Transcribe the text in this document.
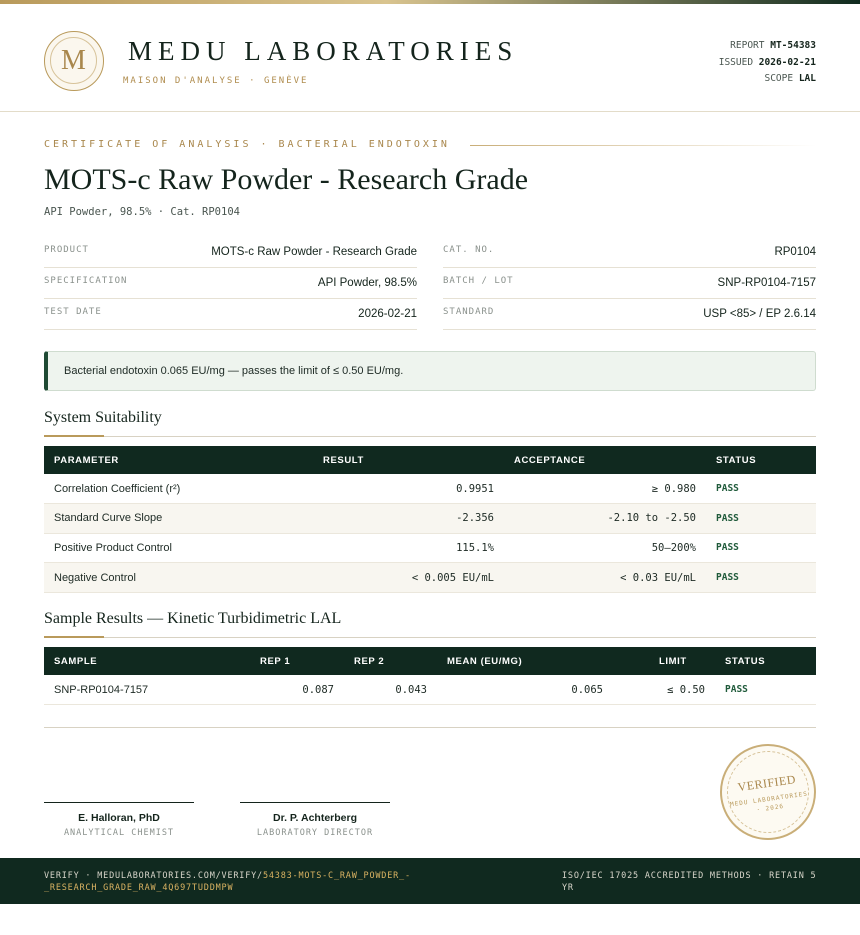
M	MEDU LABORATORIES
MAISON D'ANALYSE · GENÈVE
REPORT MT-54383
ISSUED 2026-02-21
SCOPE LAL
CERTIFICATE OF ANALYSIS · BACTERIAL ENDOTOXIN
MOTS-c Raw Powder - Research Grade
API Powder, 98.5% · Cat. RP0104
PRODUCT	MOTS-c Raw Powder - Research Grade
SPECIFICATION	API Powder, 98.5%
TEST DATE	2026-02-21
CAT. NO.	RP0104
BATCH / LOT	SNP-RP0104-7157
STANDARD	USP <85> / EP 2.6.14
Bacterial endotoxin 0.065 EU/mg — passes the limit of ≤ 0.50 EU/mg.
System Suitability
PARAMETER	RESULT	ACCEPTANCE	STATUS
Correlation Coefficient (r²)	0.9951	≥ 0.980	PASS
Standard Curve Slope	-2.356	-2.10 to -2.50	PASS
Positive Product Control	115.1%	50–200%	PASS
Negative Control	< 0.005 EU/mL	< 0.03 EU/mL	PASS
Sample Results — Kinetic Turbidimetric LAL
SAMPLE	REP 1	REP 2	MEAN (EU/MG)	LIMIT	STATUS
SNP-RP0104-7157	0.087	0.043	0.065	≤ 0.50	PASS
E. Halloran, PhD
ANALYTICAL CHEMIST
Dr. P. Achterberg
LABORATORY DIRECTOR
VERIFIED
MEDU LABORATORIES · 2026
VERIFY · MEDULABORATORIES.COM/VERIFY/54383-MOTS-C_RAW_POWDER_-_RESEARCH_GRADE_RAW_4Q697TUDDMPW
ISO/IEC 17025 ACCREDITED METHODS · RETAIN 5 YR
